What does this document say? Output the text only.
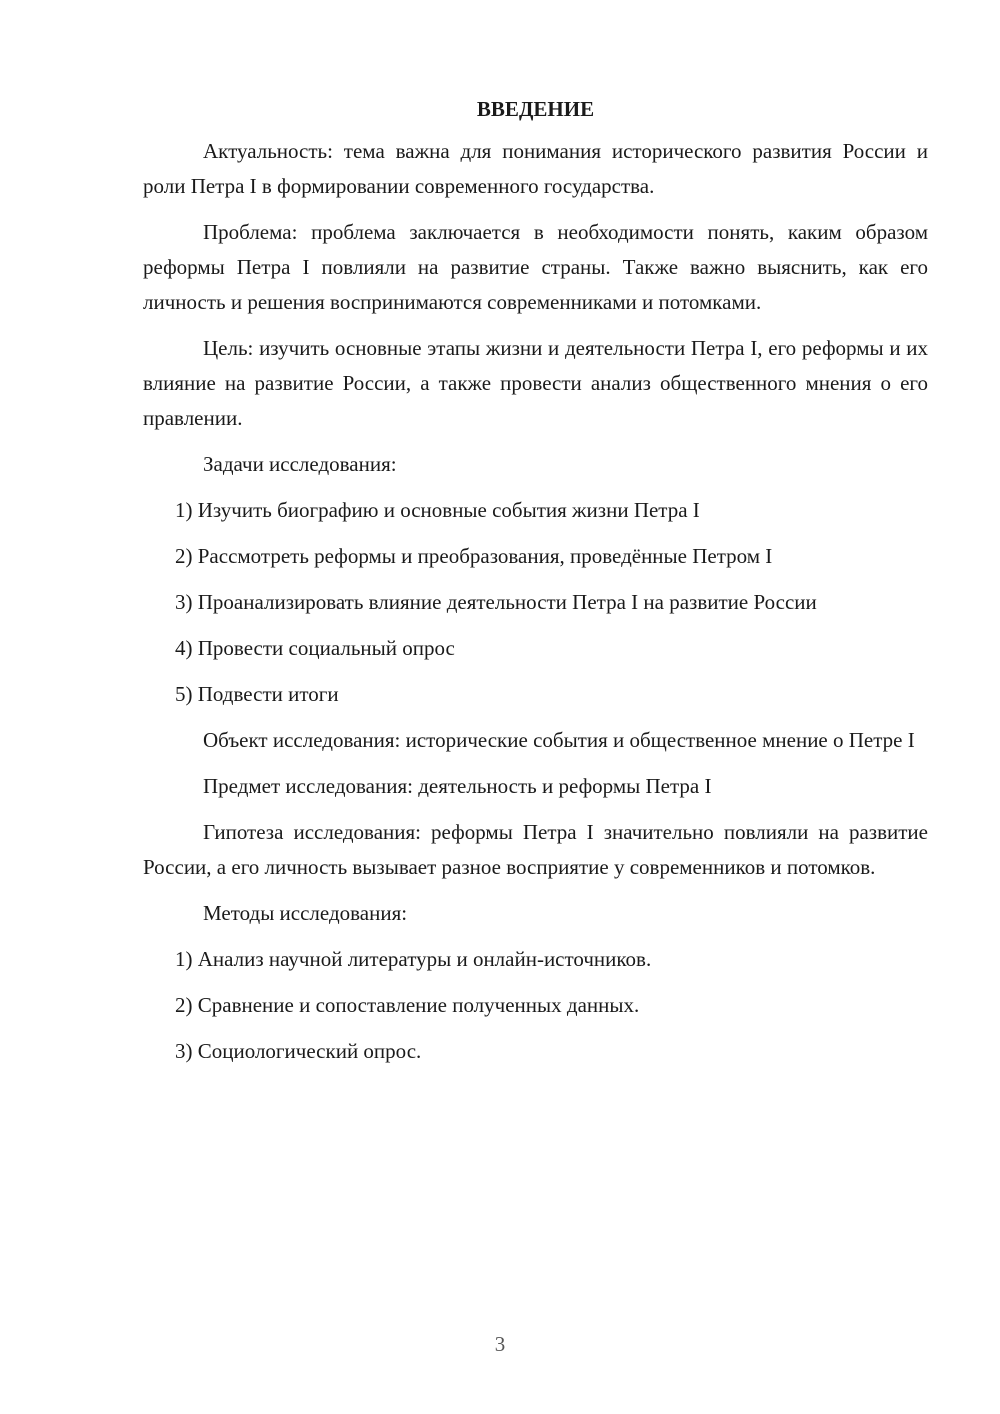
ВВЕДЕНИЕ

Актуальность: тема важна для понимания исторического развития России и роли Петра I в формировании современного государства.

Проблема: проблема заключается в необходимости понять, каким образом реформы Петра I повлияли на развитие страны. Также важно выяснить, как его личность и решения воспринимаются современниками и потомками.

Цель: изучить основные этапы жизни и деятельности Петра I, его реформы и их влияние на развитие России, а также провести анализ общественного мнения о его правлении.

Задачи исследования:

1) Изучить биографию и основные события жизни Петра I

2) Рассмотреть реформы и преобразования, проведённые Петром I

3) Проанализировать влияние деятельности Петра I на развитие России

4) Провести социальный опрос

5) Подвести итоги

Объект исследования: исторические события и общественное мнение о Петре I

Предмет исследования: деятельность и реформы Петра I

Гипотеза исследования: реформы Петра I значительно повлияли на развитие России, а его личность вызывает разное восприятие у современников и потомков.

Методы исследования:

1) Анализ научной литературы и онлайн-источников.

2) Сравнение и сопоставление полученных данных.

3) Социологический опрос.

3
